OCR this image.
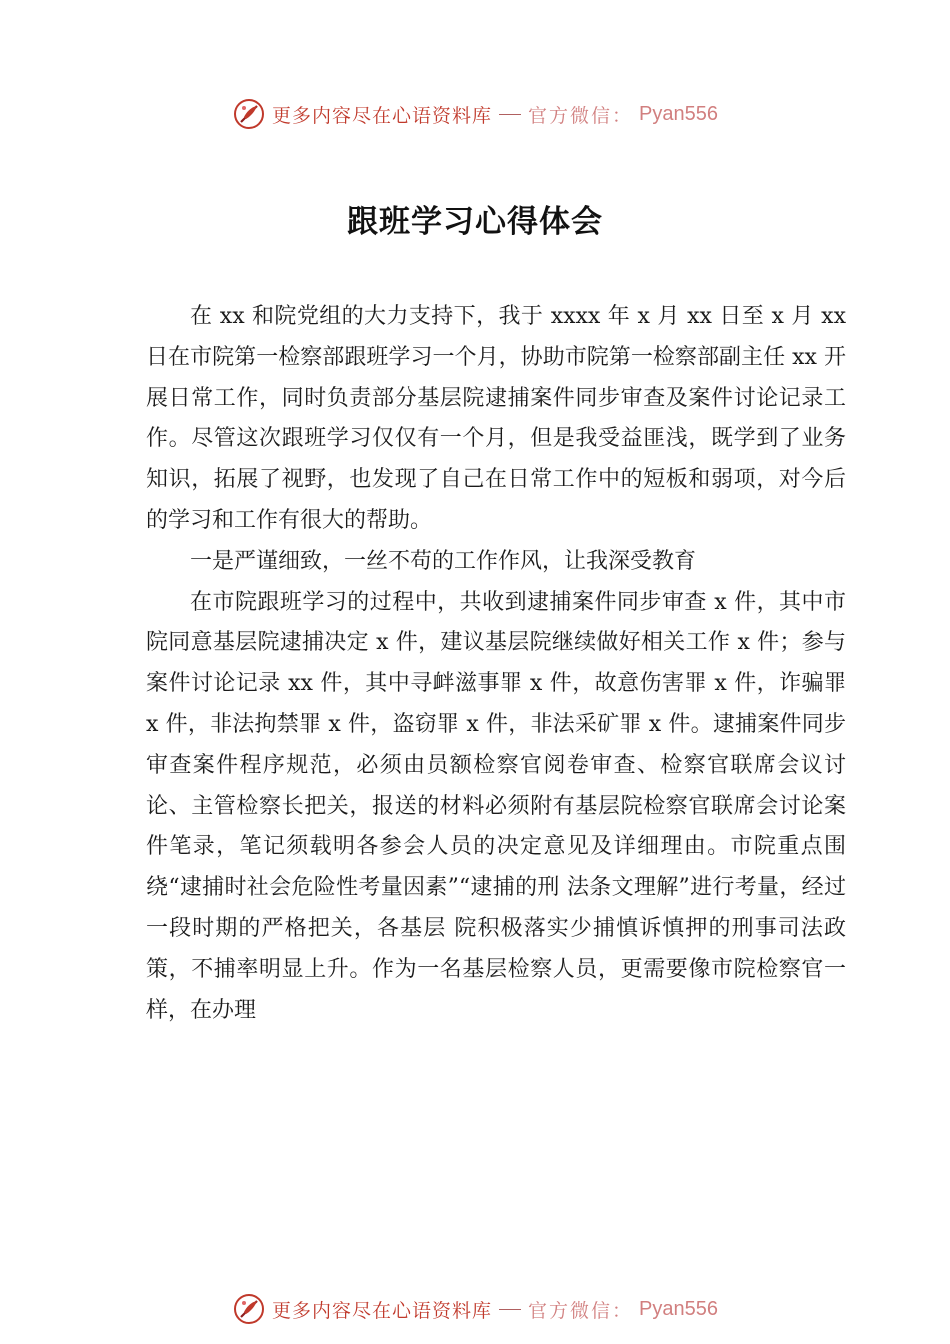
更多内容尽在心语资料库 官方微信： Pyan556
跟班学习心得体会

在 xx 和院党组的大力支持下，我于 xxxx 年 x 月 xx 日至 x 月 xx 日在市院第一检察部跟班学习一个月，协助市院第一检察部副主任 xx 开展日常工作，同时负责部分基层院逮捕案件同步审查及案件讨论记录工作。尽管这次跟班学习仅仅有一个月，但是我受益匪浅，既学到了业务知识，拓展了视野，也发现了自己在日常工作中的短板和弱项，对今后的学习和工作有很大的帮助。

一是严谨细致，一丝不苟的工作作风，让我深受教育

在市院跟班学习的过程中，共收到逮捕案件同步审查 x 件，其中市院同意基层院逮捕决定 x 件，建议基层院继续做好相关工作 x 件；参与案件讨论记录 xx 件，其中寻衅滋事罪 x 件，故意伤害罪 x 件，诈骗罪 x 件，非法拘禁罪 x 件，盗窃罪 x 件，非法采矿罪 x 件。逮捕案件同步审查案件程序规范，必须由员额检察官阅卷审查、检察官联席会议讨论、主管检察长把关，报送的材料必须附有基层院检察官联席会讨论案件笔录，笔记须载明各参会人员的决定意见及详细理由。市院重点围绕“逮捕时社会危险性考量因素”“逮捕的刑 法条文理解”进行考量，经过一段时期的严格把关，各基层 院积极落实少捕慎诉慎押的刑事司法政策，不捕率明显上升。作为一名基层检察人员，更需要像市院检察官一样，在办理

更多内容尽在心语资料库 官方微信： Pyan556
